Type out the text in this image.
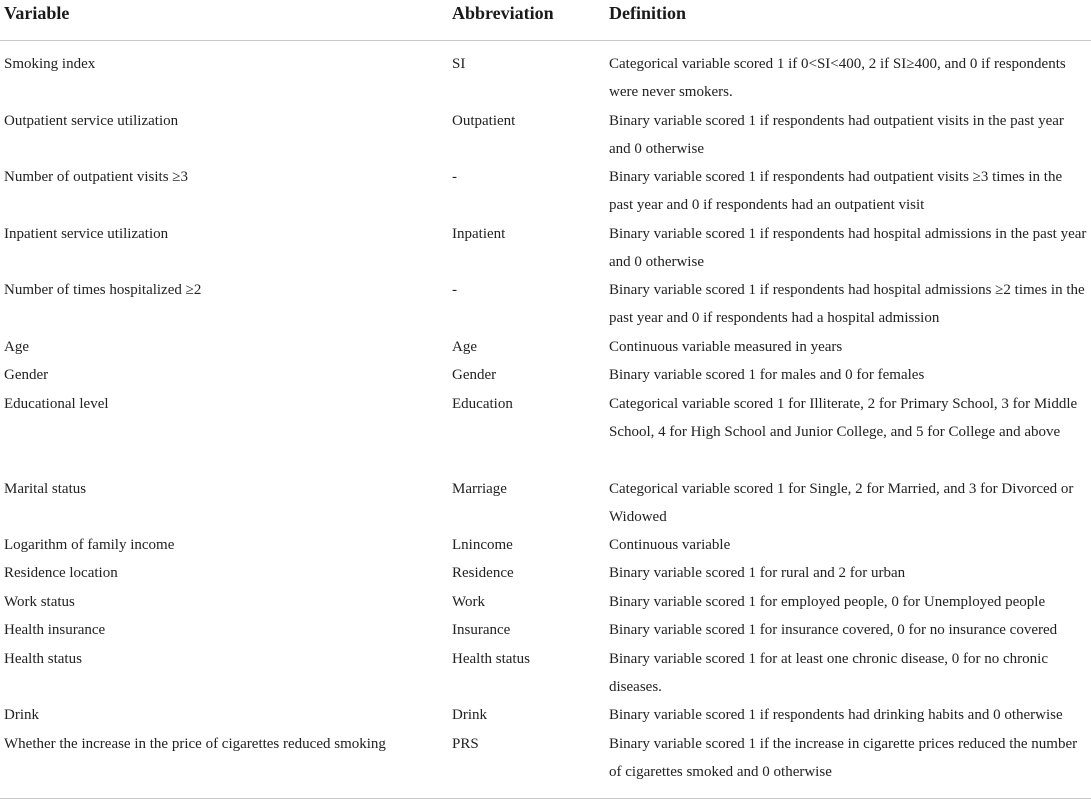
Variable	Abbreviation	Definition
Smoking index	SI	Categorical variable scored 1 if 0<SI<400, 2 if SI≥400, and 0 if respondents were never smokers.
Outpatient service utilization	Outpatient	Binary variable scored 1 if respondents had outpatient visits in the past year and 0 otherwise
Number of outpatient visits ≥3	-	Binary variable scored 1 if respondents had outpatient visits ≥3 times in the past year and 0 if respondents had an outpatient visit
Inpatient service utilization	Inpatient	Binary variable scored 1 if respondents had hospital admissions in the past year and 0 otherwise
Number of times hospitalized ≥2	-	Binary variable scored 1 if respondents had hospital admissions ≥2 times in the past year and 0 if respondents had a hospital admission
Age	Age	Continuous variable measured in years
Gender	Gender	Binary variable scored 1 for males and 0 for females
Educational level	Education	Categorical variable scored 1 for Illiterate, 2 for Primary School, 3 for Middle School, 4 for High School and Junior College, and 5 for College and above
Marital status	Marriage	Categorical variable scored 1 for Single, 2 for Married, and 3 for Divorced or Widowed
Logarithm of family income	Lnincome	Continuous variable
Residence location	Residence	Binary variable scored 1 for rural and 2 for urban
Work status	Work	Binary variable scored 1 for employed people, 0 for Unemployed people
Health insurance	Insurance	Binary variable scored 1 for insurance covered, 0 for no insurance covered
Health status	Health status	Binary variable scored 1 for at least one chronic disease, 0 for no chronic diseases.
Drink	Drink	Binary variable scored 1 if respondents had drinking habits and 0 otherwise
Whether the increase in the price of cigarettes reduced smoking	PRS	Binary variable scored 1 if the increase in cigarette prices reduced the number of cigarettes smoked and 0 otherwise
